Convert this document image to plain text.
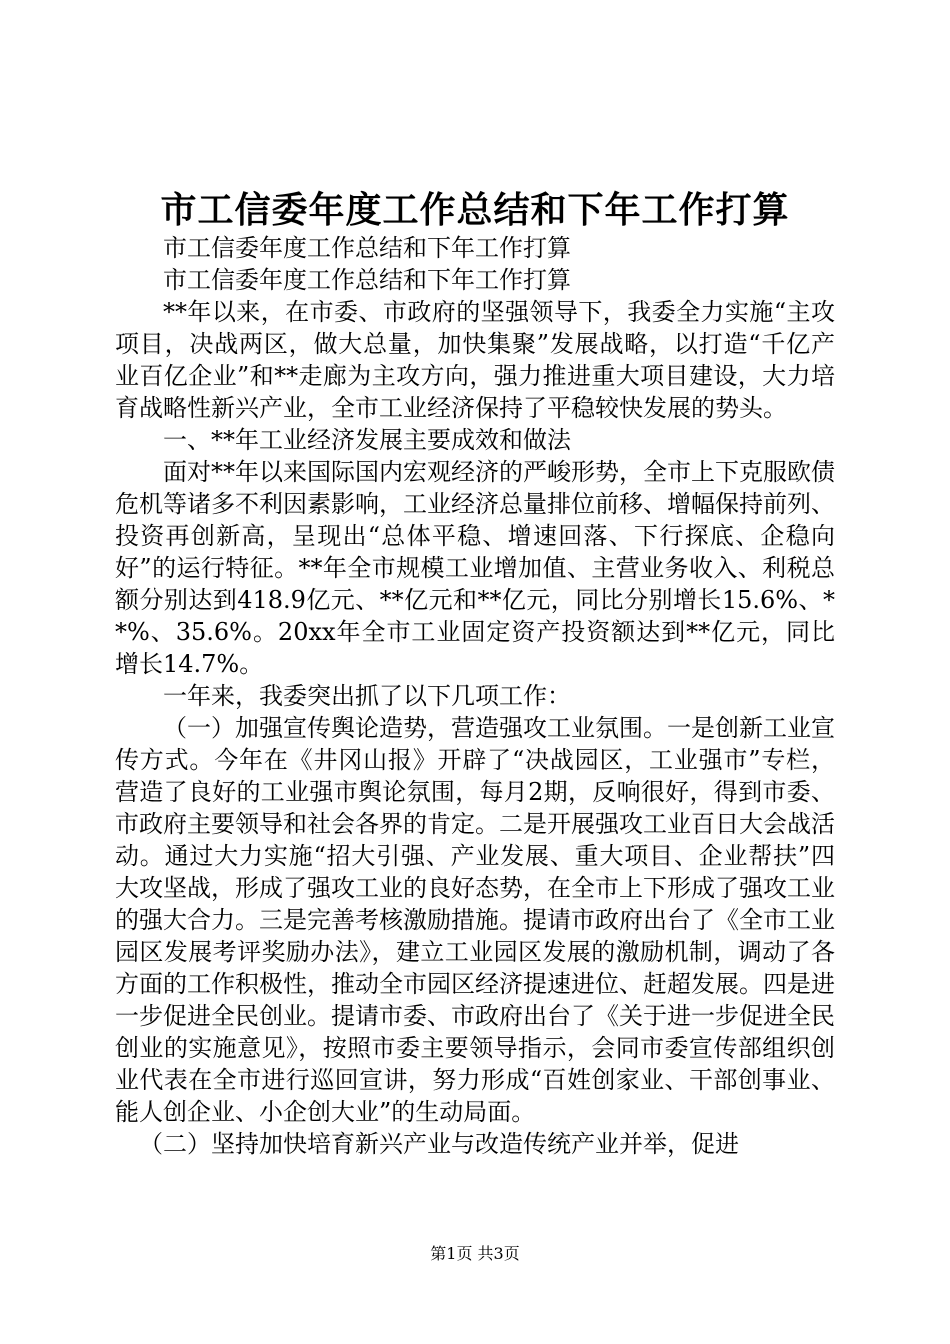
市工信委年度工作总结和下年工作打算

市工信委年度工作总结和下年工作打算

市工信委年度工作总结和下年工作打算

**年以来，在市委、市政府的坚强领导下，我委全力实施“主攻项目，决战两区，做大总量，加快集聚”发展战略，以打造“千亿产业百亿企业”和**走廊为主攻方向，强力推进重大项目建设，大力培育战略性新兴产业，全市工业经济保持了平稳较快发展的势头。

一、**年工业经济发展主要成效和做法

面对**年以来国际国内宏观经济的严峻形势，全市上下克服欧债危机等诸多不利因素影响，工业经济总量排位前移、增幅保持前列、投资再创新高，呈现出“总体平稳、增速回落、下行探底、企稳向好”的运行特征。**年全市规模工业增加值、主营业务收入、利税总额分别达到418.9亿元、**亿元和**亿元，同比分别增长15.6%、**%、35.6%。20xx年全市工业固定资产投资额达到**亿元，同比增长14.7%。

一年来，我委突出抓了以下几项工作：

（一）加强宣传舆论造势，营造强攻工业氛围。一是创新工业宣传方式。今年在《井冈山报》开辟了“决战园区，工业强市”专栏，营造了良好的工业强市舆论氛围，每月2期，反响很好，得到市委、市政府主要领导和社会各界的肯定。二是开展强攻工业百日大会战活动。通过大力实施“招大引强、产业发展、重大项目、企业帮扶”四大攻坚战，形成了强攻工业的良好态势，在全市上下形成了强攻工业的强大合力。三是完善考核激励措施。提请市政府出台了《全市工业园区发展考评奖励办法》，建立工业园区发展的激励机制，调动了各方面的工作积极性，推动全市园区经济提速进位、赶超发展。四是进一步促进全民创业。提请市委、市政府出台了《关于进一步促进全民创业的实施意见》，按照市委主要领导指示，会同市委宣传部组织创业代表在全市进行巡回宣讲，努力形成“百姓创家业、干部创事业、能人创企业、小企创大业”的生动局面。

（二）坚持加快培育新兴产业与改造传统产业并举，促进

第1页 共3页
